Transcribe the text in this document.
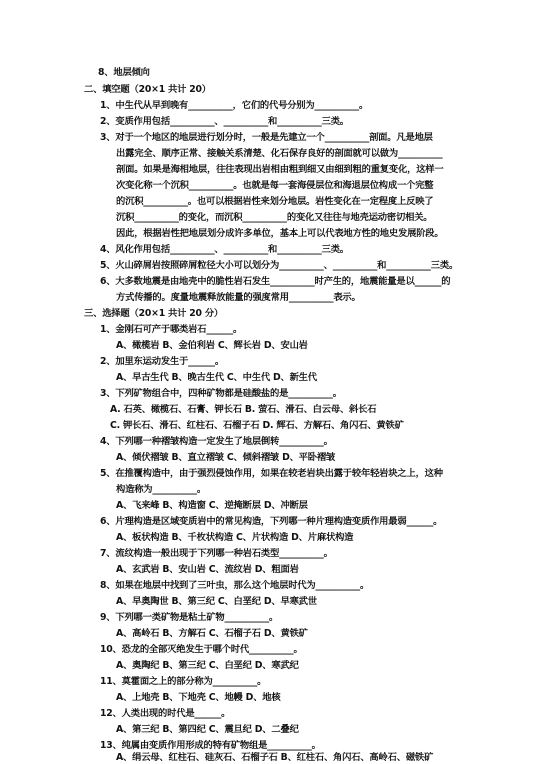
8、地层倾向
二、填空题（20×1 共计 20）
1、中生代从早到晚有__________，它们的代号分别为__________。
2、变质作用包括__________、__________和__________三类。
3、对于一个地区的地层进行划分时，一般是先建立一个__________剖面。凡是地层
出露完全、顺序正常、接触关系清楚、化石保存良好的剖面就可以做为__________
剖面。如果是海相地层，往往表现出岩相由粗到细又由细到粗的重复变化，这样一
次变化称一个沉积__________。也就是每一套海侵层位和海退层位构成一个完整
的沉积__________。也可以根据岩性来划分地层。岩性变化在一定程度上反映了
沉积__________的变化，而沉积__________的变化又往往与地壳运动密切相关。
因此，根据岩性把地层划分成许多单位，基本上可以代表地方性的地史发展阶段。
4、风化作用包括__________、__________和__________三类。
5、火山碎屑岩按照碎屑粒径大小可以划分为__________、__________和__________三类。
6、大多数地震是由地壳中的脆性岩石发生__________时产生的，地震能量是以______的
方式传播的。度量地震释放能量的强度常用__________表示。
三、选择题（20×1 共计 20 分）
1、金刚石可产于哪类岩石______。
A、橄榄岩 B、金伯利岩 C、辉长岩 D、安山岩
2、加里东运动发生于______。
A、早古生代 B、晚古生代 C、中生代 D、新生代
3、下列矿物组合中，四种矿物都是硅酸盐的是__________。
A. 石英、橄榄石、石膏、钾长石 B. 萤石、滑石、白云母、斜长石
C. 钾长石、滑石、红柱石、石榴子石 D. 辉石、方解石、角闪石、黄铁矿
4、下列哪一种褶皱构造一定发生了地层倒转__________。
A、倾伏褶皱 B、直立褶皱 C、倾斜褶皱 D、平卧褶皱
5、在推覆构造中，由于强烈侵蚀作用，如果在较老岩块出露于较年轻岩块之上，这种
构造称为__________。
A、飞来峰 B、构造窗 C、逆掩断层 D、冲断层
6、片理构造是区域变质岩中的常见构造，下列哪一种片理构造变质作用最弱______。
A、板状构造 B、千枚状构造 C、片状构造 D、片麻状构造
7、流纹构造一般出现于下列哪一种岩石类型__________。
A、玄武岩 B、安山岩 C、流纹岩 D、粗面岩
8、如果在地层中找到了三叶虫，那么这个地层时代为__________。
A、早奥陶世 B、第三纪 C、白垩纪 D、早寒武世
9、下列哪一类矿物是粘土矿物__________。
A、高岭石 B、方解石 C、石榴子石 D、黄铁矿
10、恐龙的全部灭绝发生于哪个时代__________。
A、奥陶纪 B、第三纪 C、白垩纪 D、寒武纪
11、莫霍面之上的部分称为__________。
A、上地壳 B、下地壳 C、地幔 D、地核
12、人类出现的时代是______。
A、第三纪 B、第四纪 C、震旦纪 D、二叠纪
13、纯属由变质作用形成的特有矿物组是__________。
A、绢云母、红柱石、硅灰石、石榴子石 B、红柱石、角闪石、高岭石、磁铁矿
